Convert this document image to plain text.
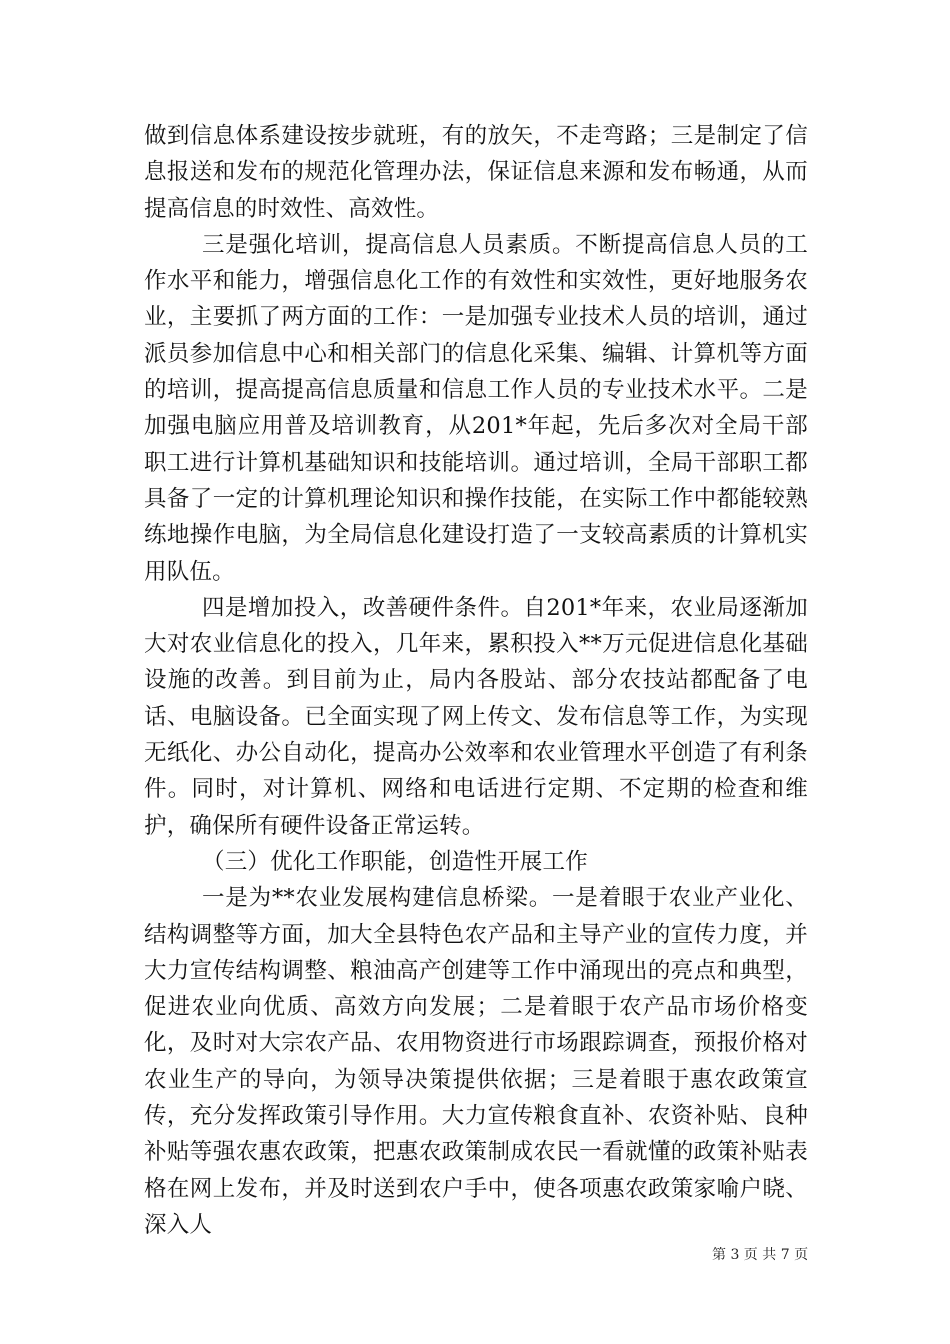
做到信息体系建设按步就班，有的放矢，不走弯路；三是制定了信息报送和发布的规范化管理办法，保证信息来源和发布畅通，从而提高信息的时效性、高效性。

三是强化培训，提高信息人员素质。不断提高信息人员的工作水平和能力，增强信息化工作的有效性和实效性，更好地服务农业，主要抓了两方面的工作：一是加强专业技术人员的培训，通过派员参加信息中心和相关部门的信息化采集、编辑、计算机等方面的培训，提高提高信息质量和信息工作人员的专业技术水平。二是加强电脑应用普及培训教育，从201*年起，先后多次对全局干部职工进行计算机基础知识和技能培训。通过培训，全局干部职工都具备了一定的计算机理论知识和操作技能，在实际工作中都能较熟练地操作电脑，为全局信息化建设打造了一支较高素质的计算机实用队伍。

四是增加投入，改善硬件条件。自201*年来，农业局逐渐加大对农业信息化的投入，几年来，累积投入**万元促进信息化基础设施的改善。到目前为止，局内各股站、部分农技站都配备了电话、电脑设备。已全面实现了网上传文、发布信息等工作，为实现无纸化、办公自动化，提高办公效率和农业管理水平创造了有利条件。同时，对计算机、网络和电话进行定期、不定期的检查和维护，确保所有硬件设备正常运转。

（三）优化工作职能，创造性开展工作

一是为**农业发展构建信息桥梁。一是着眼于农业产业化、结构调整等方面，加大全县特色农产品和主导产业的宣传力度，并大力宣传结构调整、粮油高产创建等工作中涌现出的亮点和典型，促进农业向优质、高效方向发展；二是着眼于农产品市场价格变化，及时对大宗农产品、农用物资进行市场跟踪调查，预报价格对农业生产的导向，为领导决策提供依据；三是着眼于惠农政策宣传，充分发挥政策引导作用。大力宣传粮食直补、农资补贴、良种补贴等强农惠农政策，把惠农政策制成农民一看就懂的政策补贴表格在网上发布，并及时送到农户手中，使各项惠农政策家喻户晓、深入人

第 3 页 共 7 页
